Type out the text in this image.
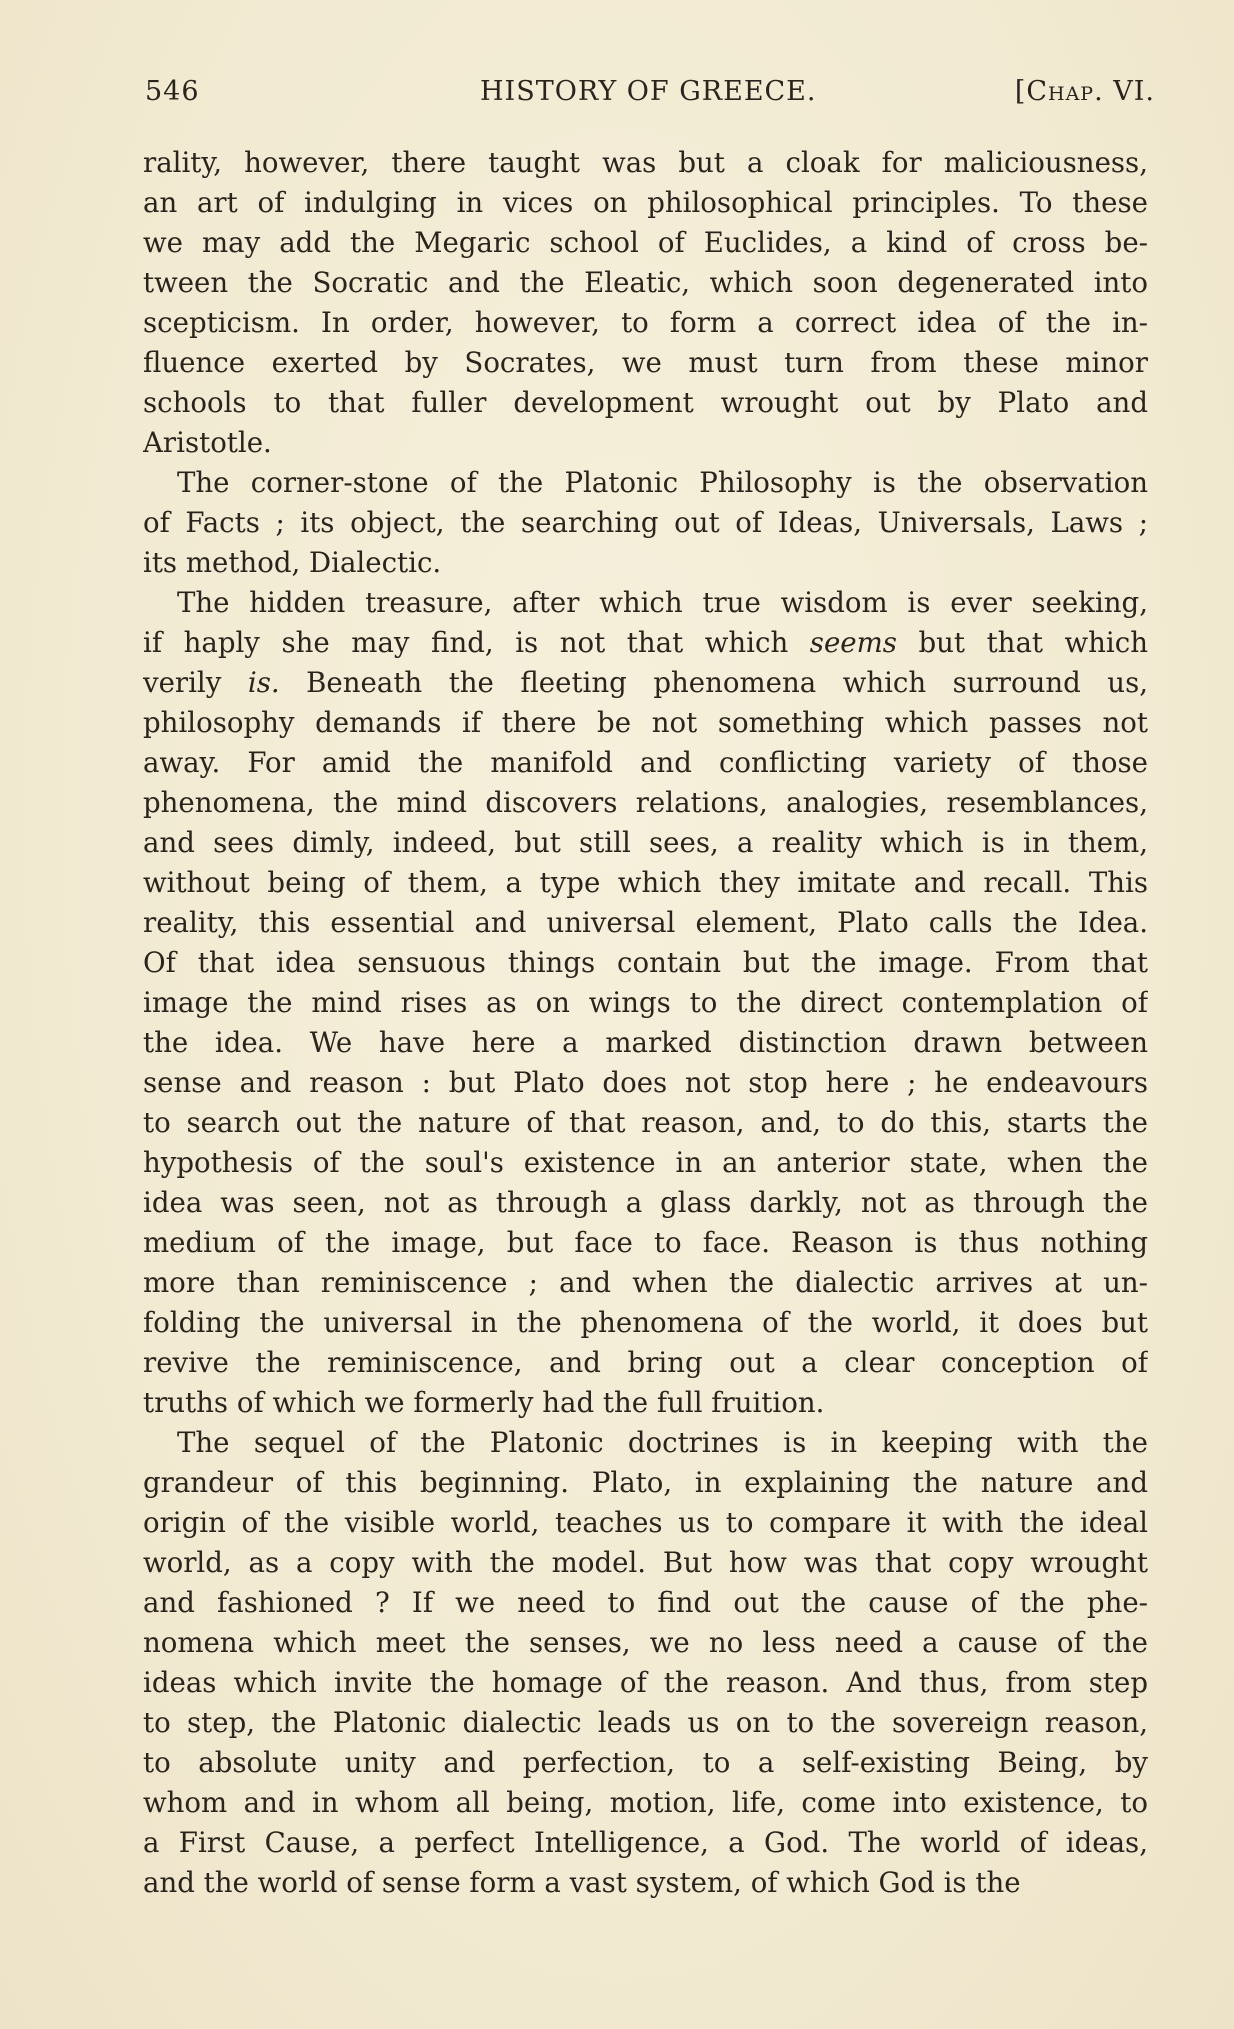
546	HISTORY OF GREECE.	[Chap. VI.
rality, however, there taught was but a cloak for maliciousness,
an art of indulging in vices on philosophical principles. To these
we may add the Megaric school of Euclides, a kind of cross be-
tween the Socratic and the Eleatic, which soon degenerated into
scepticism. In order, however, to form a correct idea of the in-
fluence exerted by Socrates, we must turn from these minor
schools to that fuller development wrought out by Plato and
Aristotle.
The corner-stone of the Platonic Philosophy is the observation
of Facts ; its object, the searching out of Ideas, Universals, Laws ;
its method, Dialectic.
The hidden treasure, after which true wisdom is ever seeking,
if haply she may find, is not that which seems but that which
verily is. Beneath the fleeting phenomena which surround us,
philosophy demands if there be not something which passes not
away. For amid the manifold and conflicting variety of those
phenomena, the mind discovers relations, analogies, resemblances,
and sees dimly, indeed, but still sees, a reality which is in them,
without being of them, a type which they imitate and recall. This
reality, this essential and universal element, Plato calls the Idea.
Of that idea sensuous things contain but the image. From that
image the mind rises as on wings to the direct contemplation of
the idea. We have here a marked distinction drawn between
sense and reason : but Plato does not stop here ; he endeavours
to search out the nature of that reason, and, to do this, starts the
hypothesis of the soul's existence in an anterior state, when the
idea was seen, not as through a glass darkly, not as through the
medium of the image, but face to face. Reason is thus nothing
more than reminiscence ; and when the dialectic arrives at un-
folding the universal in the phenomena of the world, it does but
revive the reminiscence, and bring out a clear conception of
truths of which we formerly had the full fruition.
The sequel of the Platonic doctrines is in keeping with the
grandeur of this beginning. Plato, in explaining the nature and
origin of the visible world, teaches us to compare it with the ideal
world, as a copy with the model. But how was that copy wrought
and fashioned ? If we need to find out the cause of the phe-
nomena which meet the senses, we no less need a cause of the
ideas which invite the homage of the reason. And thus, from step
to step, the Platonic dialectic leads us on to the sovereign reason,
to absolute unity and perfection, to a self-existing Being, by
whom and in whom all being, motion, life, come into existence, to
a First Cause, a perfect Intelligence, a God. The world of ideas,
and the world of sense form a vast system, of which God is the
